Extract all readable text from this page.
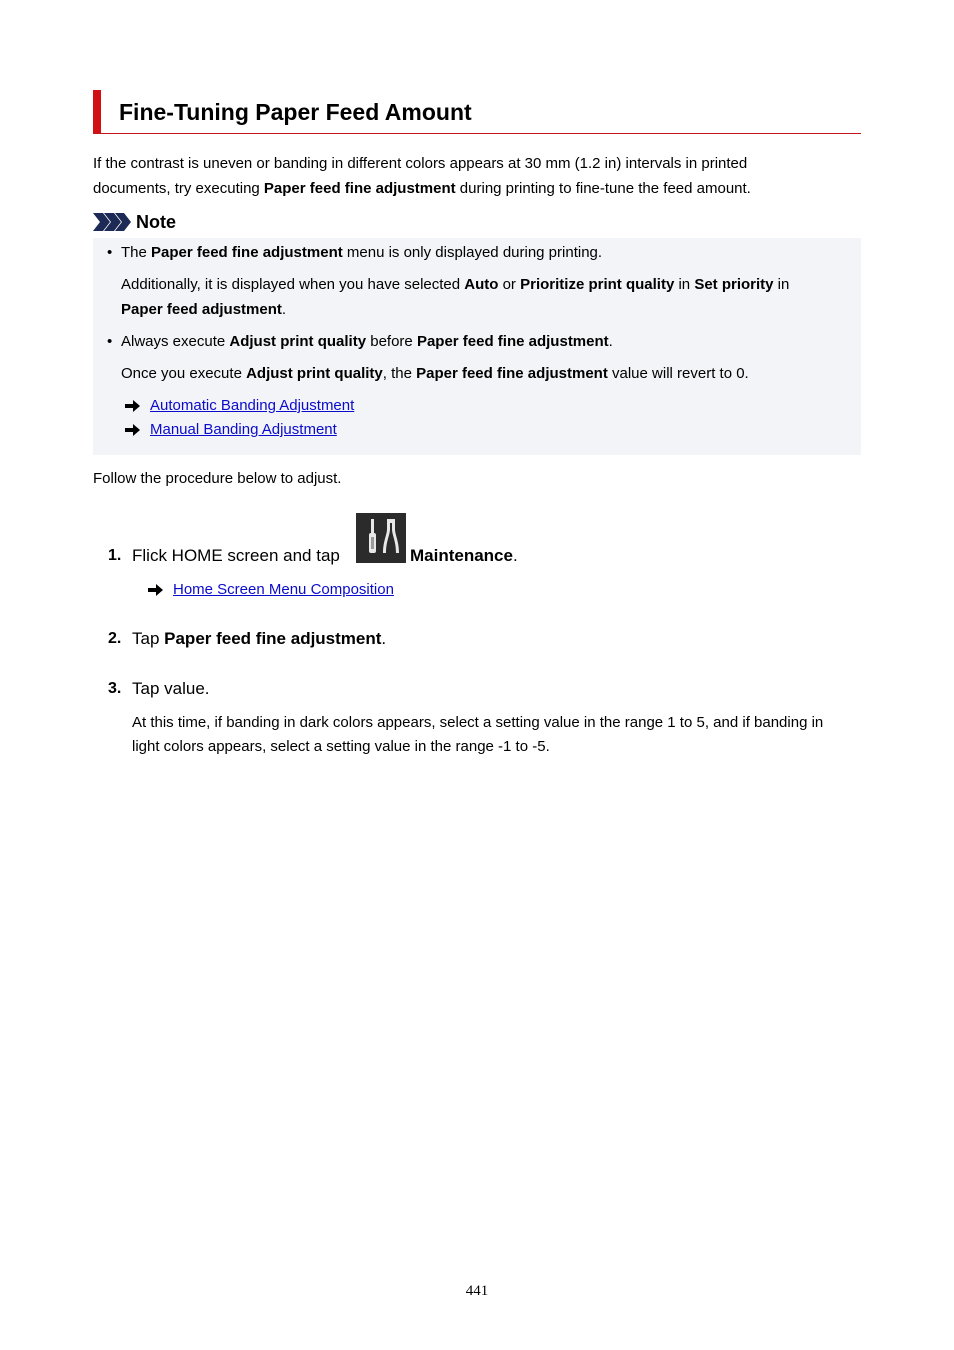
Fine-Tuning Paper Feed Amount
If the contrast is uneven or banding in different colors appears at 30 mm (1.2 in) intervals in printed
documents, try executing Paper feed fine adjustment during printing to fine-tune the feed amount.
Note
• The Paper feed fine adjustment menu is only displayed during printing.
Additionally, it is displayed when you have selected Auto or Prioritize print quality in Set priority in
Paper feed adjustment.
• Always execute Adjust print quality before Paper feed fine adjustment.
Once you execute Adjust print quality, the Paper feed fine adjustment value will revert to 0.
Automatic Banding Adjustment
Manual Banding Adjustment
Follow the procedure below to adjust.
1. Flick HOME screen and tap	Maintenance.
Home Screen Menu Composition
2. Tap Paper feed fine adjustment.
3. Tap value.
At this time, if banding in dark colors appears, select a setting value in the range 1 to 5, and if banding in
light colors appears, select a setting value in the range -1 to -5.
441
